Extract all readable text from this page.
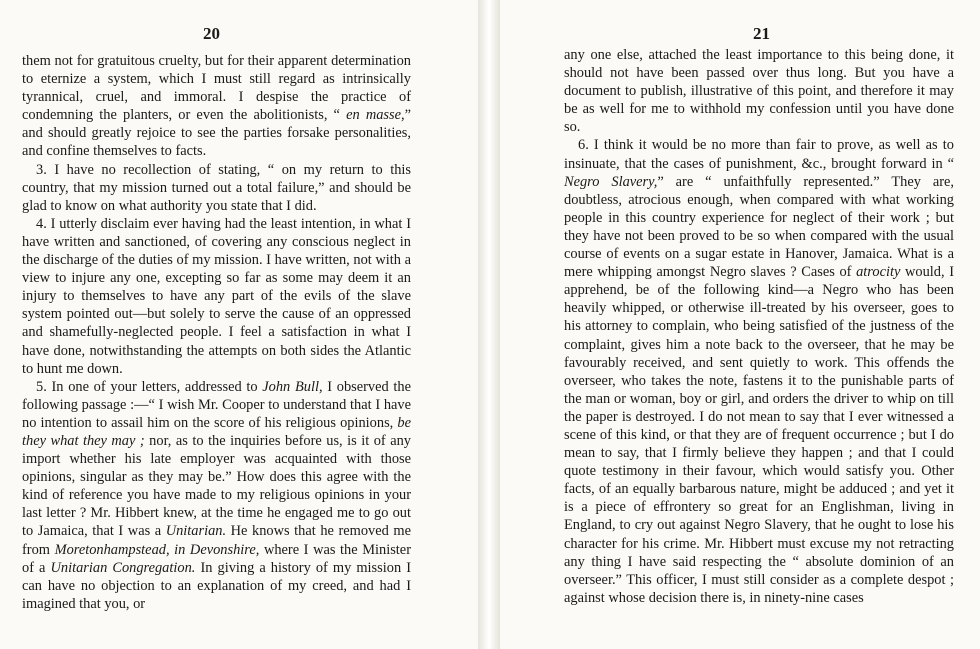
20

them not for gratuitous cruelty, but for their apparent determination to eternize a system, which I must still regard as intrinsically tyrannical, cruel, and immoral. I despise the practice of condemning the planters, or even the abolitionists, “ en masse,” and should greatly rejoice to see the parties forsake personalities, and confine themselves to facts.

3. I have no recollection of stating, “ on my return to this country, that my mission turned out a total failure,” and should be glad to know on what authority you state that I did.

4. I utterly disclaim ever having had the least intention, in what I have written and sanctioned, of covering any conscious neglect in the discharge of the duties of my mission. I have written, not with a view to injure any one, excepting so far as some may deem it an injury to themselves to have any part of the evils of the slave system pointed out—but solely to serve the cause of an oppressed and shamefully-neglected people. I feel a satisfaction in what I have done, notwithstanding the attempts on both sides the Atlantic to hunt me down.

5. In one of your letters, addressed to John Bull, I observed the following passage :—“ I wish Mr. Cooper to understand that I have no intention to assail him on the score of his religious opinions, be they what they may ; nor, as to the inquiries before us, is it of any import whether his late employer was acquainted with those opinions, singular as they may be.” How does this agree with the kind of reference you have made to my religious opinions in your last letter ? Mr. Hibbert knew, at the time he engaged me to go out to Jamaica, that I was a Unitarian. He knows that he removed me from Moretonhampstead, in Devonshire, where I was the Minister of a Unitarian Congregation. In giving a history of my mission I can have no objection to an explanation of my creed, and had I imagined that you, or

21

any one else, attached the least importance to this being done, it should not have been passed over thus long. But you have a document to publish, illustrative of this point, and therefore it may be as well for me to withhold my confession until you have done so.

6. I think it would be no more than fair to prove, as well as to insinuate, that the cases of punishment, &c., brought forward in “ Negro Slavery,” are “ unfaithfully represented.” They are, doubtless, atrocious enough, when compared with what working people in this country experience for neglect of their work ; but they have not been proved to be so when compared with the usual course of events on a sugar estate in Hanover, Jamaica. What is a mere whipping amongst Negro slaves ? Cases of atrocity would, I apprehend, be of the following kind—a Negro who has been heavily whipped, or otherwise ill-treated by his overseer, goes to his attorney to complain, who being satisfied of the justness of the complaint, gives him a note back to the overseer, that he may be favourably received, and sent quietly to work. This offends the overseer, who takes the note, fastens it to the punishable parts of the man or woman, boy or girl, and orders the driver to whip on till the paper is destroyed. I do not mean to say that I ever witnessed a scene of this kind, or that they are of frequent occurrence ; but I do mean to say, that I firmly believe they happen ; and that I could quote testimony in their favour, which would satisfy you. Other facts, of an equally barbarous nature, might be adduced ; and yet it is a piece of effrontery so great for an Englishman, living in England, to cry out against Negro Slavery, that he ought to lose his character for his crime. Mr. Hibbert must excuse my not retracting any thing I have said respecting the “ absolute dominion of an overseer.” This officer, I must still consider as a complete despot ; against whose decision there is, in ninety-nine cases
